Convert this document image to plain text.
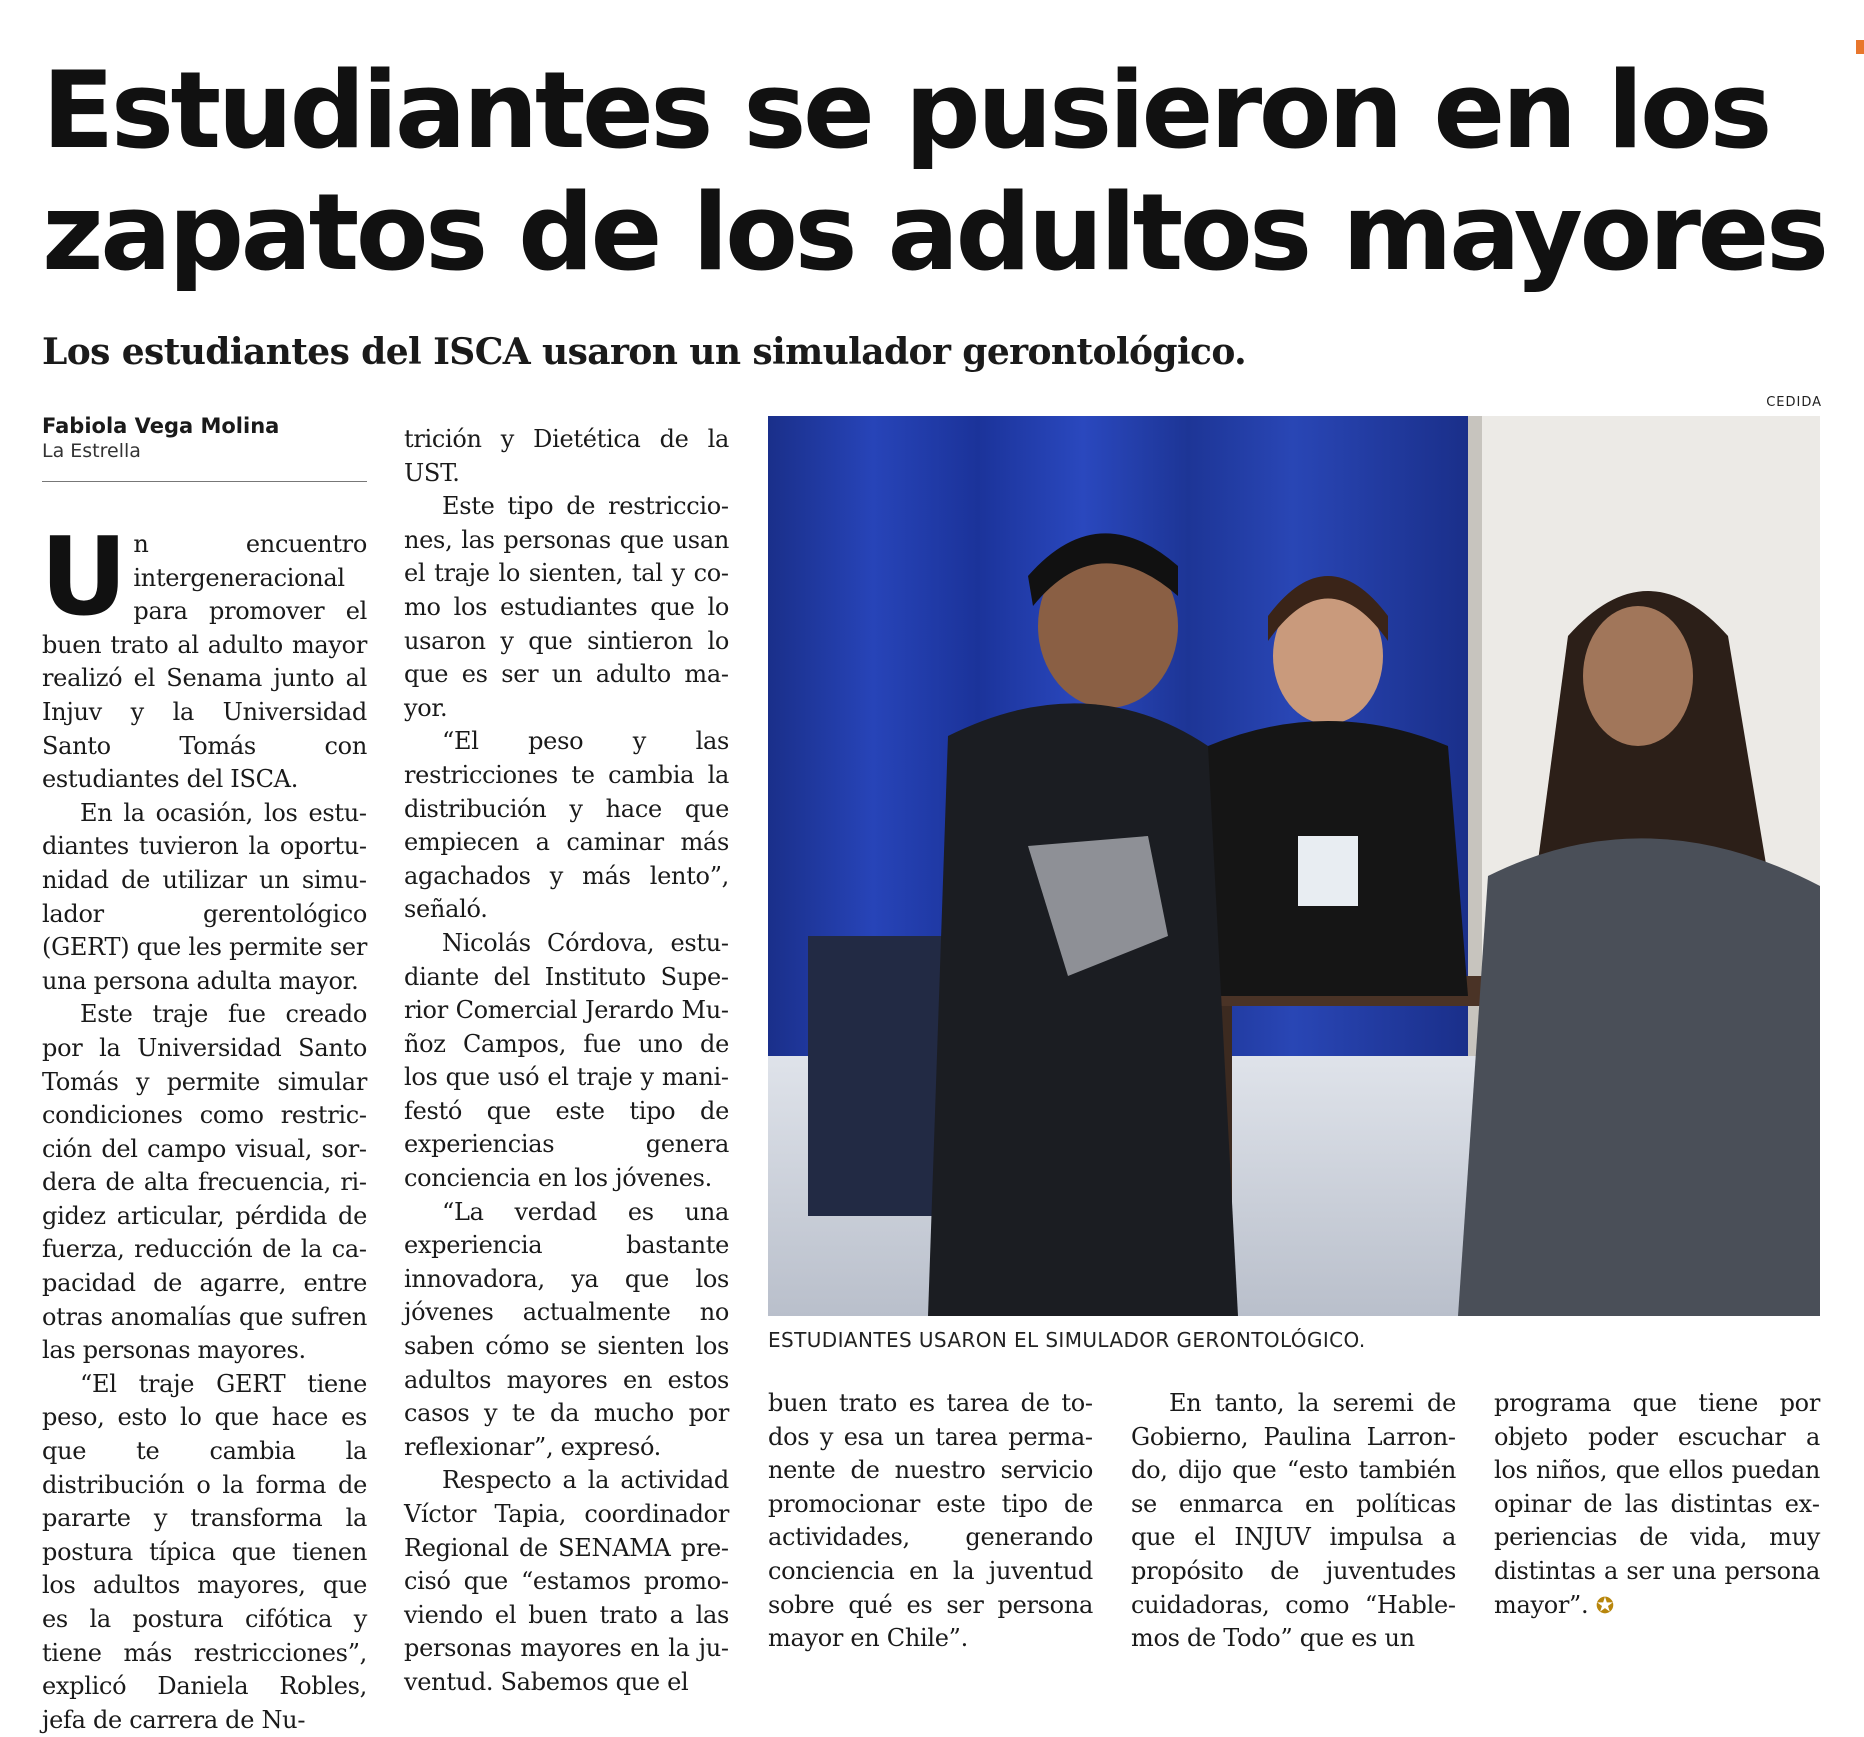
Estudiantes se pusieron en los zapatos de los adultos mayores
Los estudiantes del ISCA usaron un simulador gerontológico.
Fabiola Vega Molina
La Estrella

Un encuentro intergeneracional para promover el buen trato al adulto mayor realizó el Senama junto al Injuv y la Universidad Santo Tomás con estudiantes del ISCA.

En la ocasión, los estudiantes tuvieron la oportunidad de utilizar un simulador gerentológico (GERT) que les permite ser una persona adulta mayor.

Este traje fue creado por la Universidad Santo Tomás y permite simular condiciones como restricción del campo visual, sordera de alta frecuencia, rigidez articular, pérdida de fuerza, reducción de la capacidad de agarre, entre otras anomalías que sufren las personas mayores.

“El traje GERT tiene peso, esto lo que hace es que te cambia la distribución o la forma de pararte y transforma la postura típica que tienen los adultos mayores, que es la postura cifótica y tiene más restricciones”, explicó Daniela Robles, jefa de carrera de Nu-

trición y Dietética de la UST.

Este tipo de restricciones, las personas que usan el traje lo sienten, tal y como los estudiantes que lo usaron y que sintieron lo que es ser un adulto mayor.

“El peso y las restricciones te cambia la distribución y hace que empiecen a caminar más agachados y más lento”, señaló.

Nicolás Córdova, estudiante del Instituto Superior Comercial Jerardo Muñoz Campos, fue uno de los que usó el traje y manifestó que este tipo de experiencias genera conciencia en los jóvenes.

“La verdad es una experiencia bastante innovadora, ya que los jóvenes actualmente no saben cómo se sienten los adultos mayores en estos casos y te da mucho por reflexionar”, expresó.

Respecto a la actividad Víctor Tapia, coordinador Regional de SENAMA precisó que “estamos promoviendo el buen trato a las personas mayores en la juventud. Sabemos que el

CEDIDA
ESTUDIANTES USARON EL SIMULADOR GERONTOLÓGICO.

buen trato es tarea de todos y esa un tarea permanente de nuestro servicio promocionar este tipo de actividades, generando conciencia en la juventud sobre qué es ser persona mayor en Chile”.

En tanto, la seremi de Gobierno, Paulina Larrondo, dijo que “esto también se enmarca en políticas que el INJUV impulsa a propósito de juventudes cuidadoras, como “Hablemos de Todo” que es un

programa que tiene por objeto poder escuchar a los niños, que ellos puedan opinar de las distintas experiencias de vida, muy distintas a ser una persona mayor”. ✪
